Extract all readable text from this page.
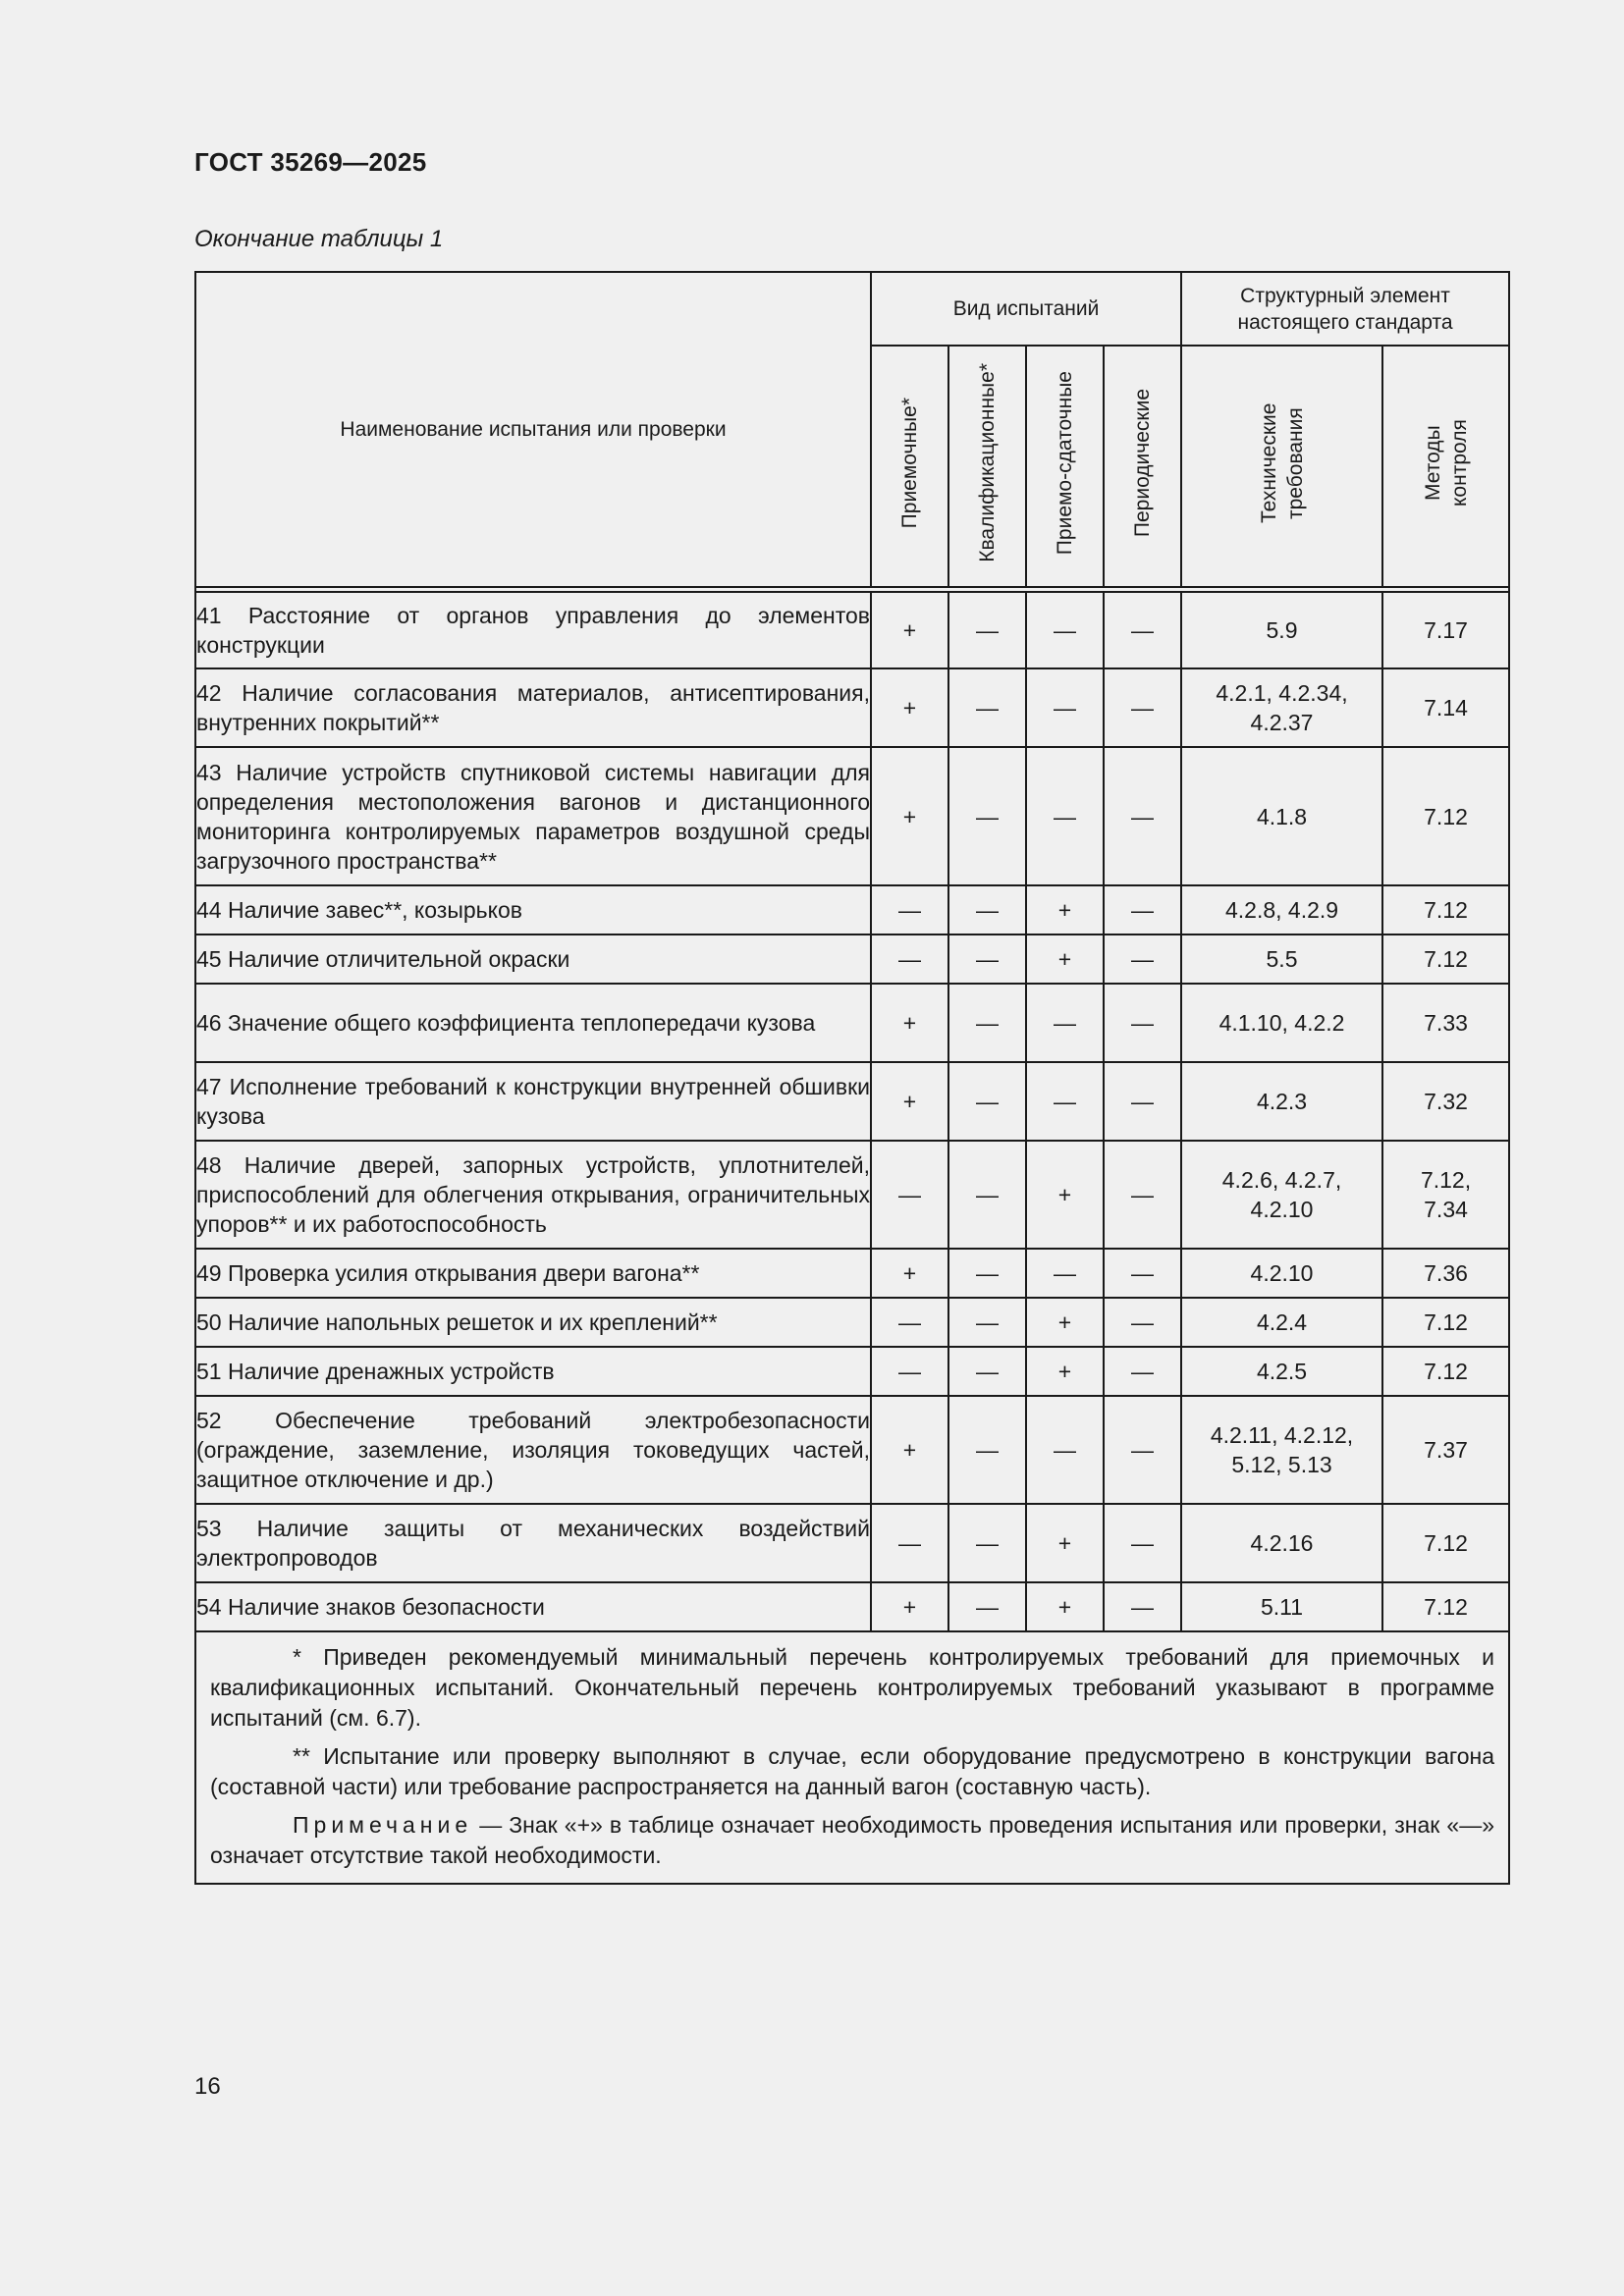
ГОСТ 35269—2025
Окончание таблицы 1
Наименование испытания или проверки	Вид испытаний				Структурный элемент настоящего стандарта	
	Приемочные*	Квалификационные*	Приемо-сдаточные	Периодические	Технические требования	Методы контроля

41 Расстояние от органов управления до элементов конструкции	+	—	—	—	5.9	7.17
42 Наличие согласования материалов, антисептирования, внутренних покрытий**	+	—	—	—	4.2.1, 4.2.34, 4.2.37	7.14
43 Наличие устройств спутниковой системы навигации для определения местоположения вагонов и дистанционного мониторинга контролируемых параметров воздушной среды загрузочного пространства**	+	—	—	—	4.1.8	7.12
44 Наличие завес**, козырьков	—	—	+	—	4.2.8, 4.2.9	7.12
45 Наличие отличительной окраски	—	—	+	—	5.5	7.12
46 Значение общего коэффициента теплопередачи кузова	+	—	—	—	4.1.10, 4.2.2	7.33
47 Исполнение требований к конструкции внутренней обшивки кузова	+	—	—	—	4.2.3	7.32
48 Наличие дверей, запорных устройств, уплотнителей, приспособлений для облегчения открывания, ограничительных упоров** и их работоспособность	—	—	+	—	4.2.6, 4.2.7, 4.2.10	7.12, 7.34
49 Проверка усилия открывания двери вагона**	+	—	—	—	4.2.10	7.36
50 Наличие напольных решеток и их креплений**	—	—	+	—	4.2.4	7.12
51 Наличие дренажных устройств	—	—	+	—	4.2.5	7.12
52 Обеспечение требований электробезопасности (ограждение, заземление, изоляция токоведущих частей, защитное отключение и др.)	+	—	—	—	4.2.11, 4.2.12, 5.12, 5.13	7.37
53 Наличие защиты от механических воздействий электропроводов	—	—	+	—	4.2.16	7.12
54 Наличие знаков безопасности	+	—	+	—	5.11	7.12

* Приведен рекомендуемый минимальный перечень контролируемых требований для приемочных и квалификационных испытаний. Окончательный перечень контролируемых требований указывают в программе испытаний (см. 6.7).

** Испытание или проверку выполняют в случае, если оборудование предусмотрено в конструкции вагона (составной части) или требование распространяется на данный вагон (составную часть).

Примечание — Знак «+» в таблице означает необходимость проведения испытания или проверки, знак «—» означает отсутствие такой необходимости.						

16
